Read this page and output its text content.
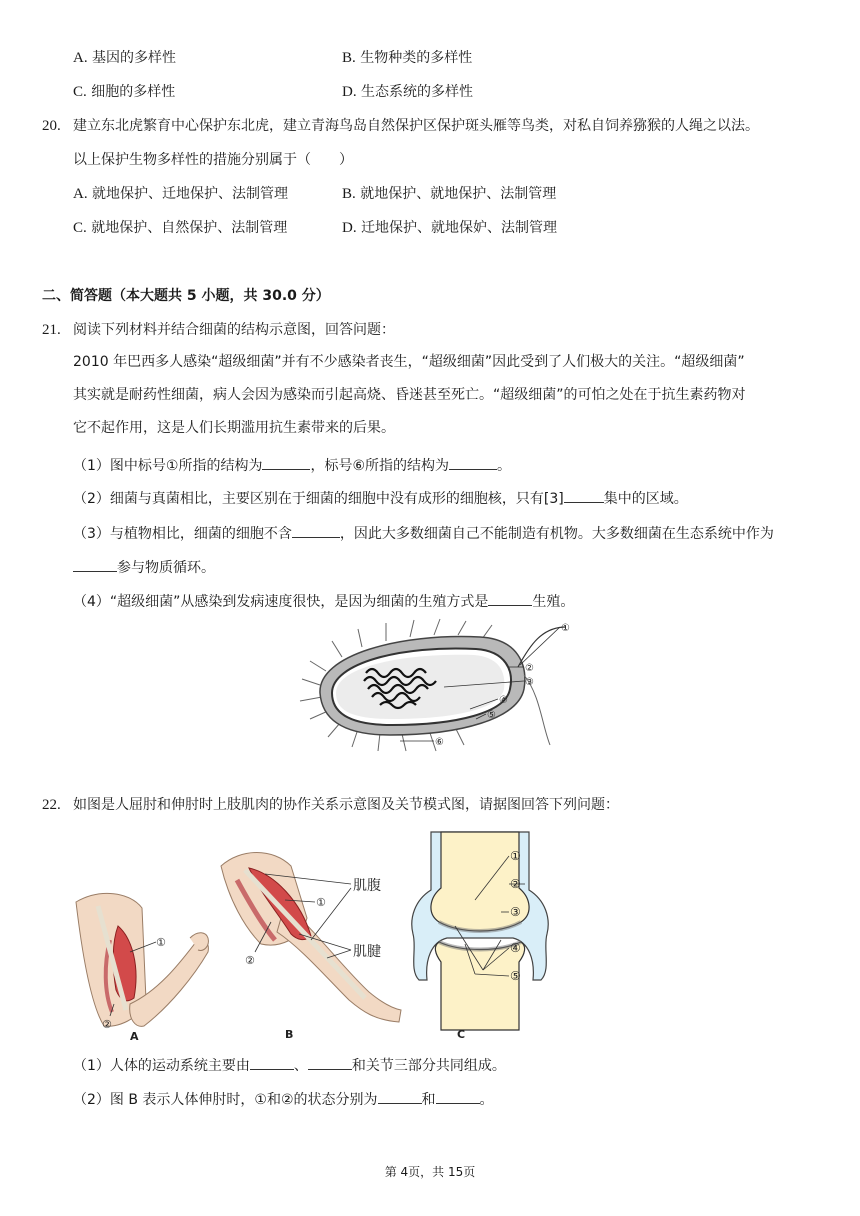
A. 基因的多样性	B. 生物种类的多样性
C. 细胞的多样性	D. 生态系统的多样性
20. 建立东北虎繁育中心保护东北虎，建立青海鸟岛自然保护区保护斑头雁等鸟类，对私自饲养猕猴的人绳之以法。
以上保护生物多样性的措施分别属于（　　）
A. 就地保护、迁地保护、法制管理	B. 就地保护、就地保护、法制管理
C. 就地保护、自然保护、法制管理	D. 迁地保护、就地保妒、法制管理
二、简答题（本大题共 5 小题，共 30.0 分）
21. 阅读下列材料并结合细菌的结构示意图，回答问题：
2010 年巴西多人感染“超级细菌”并有不少感染者丧生，“超级细菌”因此受到了人们极大的关注。“超级细菌”
其实就是耐药性细菌，病人会因为感染而引起高烧、昏迷甚至死亡。“超级细菌”的可怕之处在于抗生素药物对
它不起作用，这是人们长期滥用抗生素带来的后果。
（1）图中标号①所指的结构为	，标号⑥所指的结构为	。
（2）细菌与真菌相比，主要区别在于细菌的细胞中没有成形的细胞核，只有[3]	集中的区域。
（3）与植物相比，细菌的细胞不含	，因此大多数细菌自己不能制造有机物。大多数细菌在生态系统中作为
参与物质循环。
（4）“超级细菌”从感染到发病速度很快，是因为细菌的生殖方式是	生殖。
①
②
③
④
⑤
⑥
22. 如图是人屈肘和伸肘时上肢肌肉的协作关系示意图及关节模式图，请据图回答下列问题：
①
②
A
①
②
肌腹
肌腱
B
①
②
③
④
⑤
C
（1）人体的运动系统主要由	、	和关节三部分共同组成。
（2）图 B 表示人体伸肘时，①和②的状态分别为	和	。
第 4页，共 15页
